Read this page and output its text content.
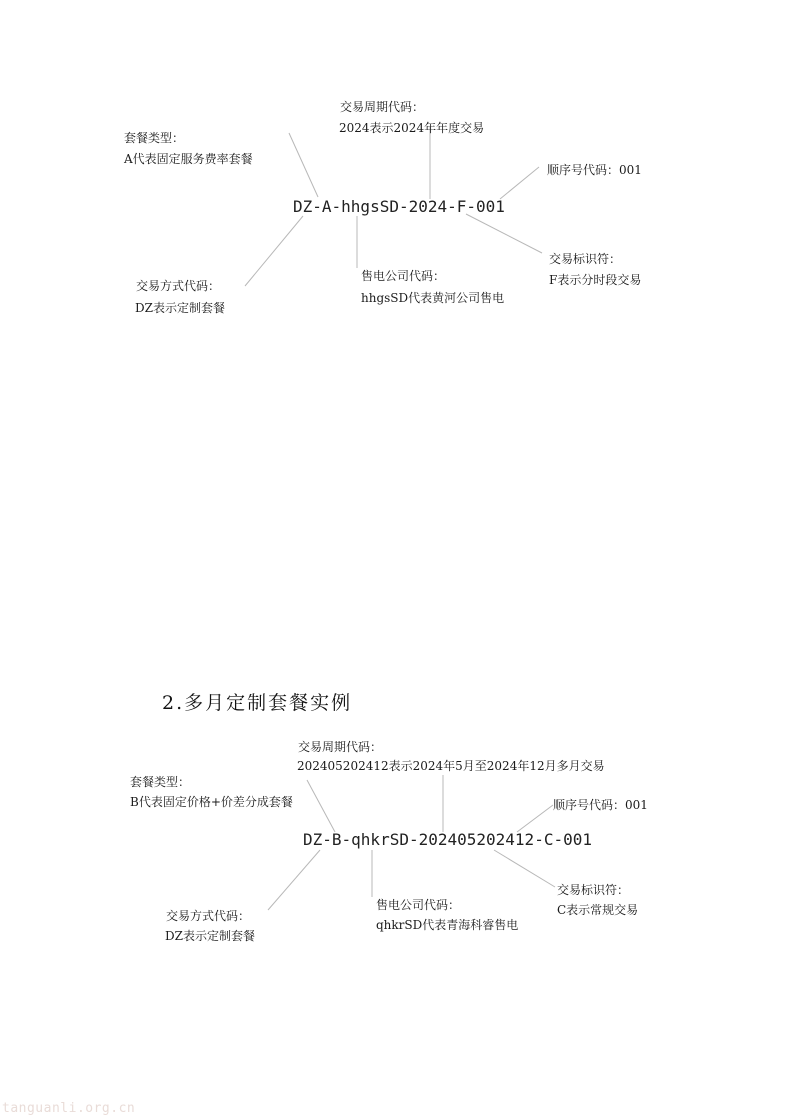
交易周期代码：
2024表示2024年年度交易
套餐类型：
A代表固定服务费率套餐
顺序号代码：001
DZ-A-hhgsSD-2024-F-001
交易标识符：
F表示分时段交易
售电公司代码：
hhgsSD代表黄河公司售电
交易方式代码：
DZ表示定制套餐
2.多月定制套餐实例
交易周期代码：
202405202412表示2024年5月至2024年12月多月交易
套餐类型：
B代表固定价格+价差分成套餐	顺序号代码：001
DZ-B-qhkrSD-202405202412-C-001
交易标识符：
C表示常规交易
售电公司代码：
qhkrSD代表青海科睿售电
交易方式代码：
DZ表示定制套餐
tanguanli.org.cn
